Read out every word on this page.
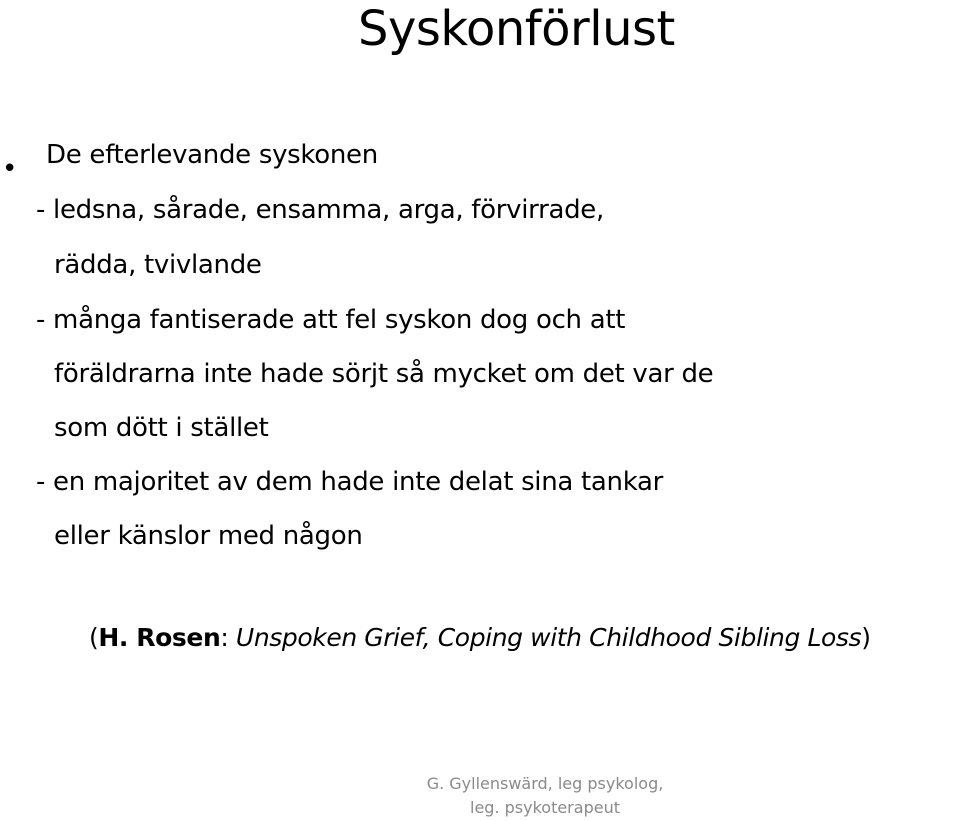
Syskonförlust
• De efterlevande syskonen
- ledsna, sårade, ensamma, arga, förvirrade,
rädda, tvivlande
- många fantiserade att fel syskon dog och att
föräldrarna inte hade sörjt så mycket om det var de
som dött i stället
- en majoritet av dem hade inte delat sina tankar
eller känslor med någon
(H. Rosen: Unspoken Grief, Coping with Childhood Sibling Loss)
G. Gyllenswärd, leg psykolog,
leg. psykoterapeut
